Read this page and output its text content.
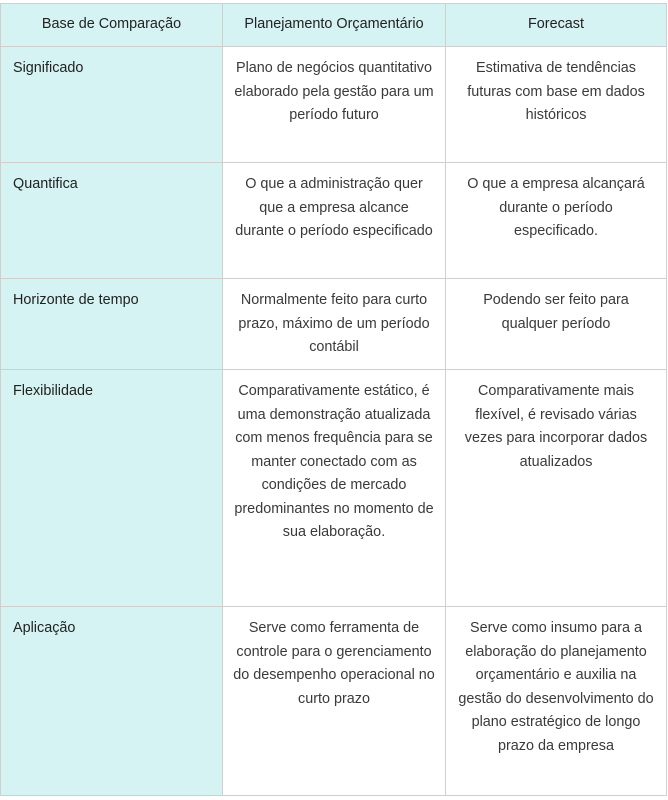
Base de Comparação	Planejamento Orçamentário	Forecast
Significado	Plano de negócios quantitativo elaborado pela gestão para um período futuro	Estimativa de tendências futuras com base em dados históricos
Quantifica	O que a administração quer que a empresa alcance durante o período especificado	O que a empresa alcançará durante o período especificado.
Horizonte de tempo	Normalmente feito para curto prazo, máximo de um período contábil	Podendo ser feito para qualquer período
Flexibilidade	Comparativamente estático, é uma demonstração atualizada com menos frequência para se manter conectado com as condições de mercado predominantes no momento de sua elaboração.	Comparativamente mais flexível, é revisado várias vezes para incorporar dados atualizados
Aplicação	Serve como ferramenta de controle para o gerenciamento do desempenho operacional no curto prazo	Serve como insumo para a elaboração do planejamento orçamentário e auxilia na gestão do desenvolvimento do plano estratégico de longo prazo da empresa
